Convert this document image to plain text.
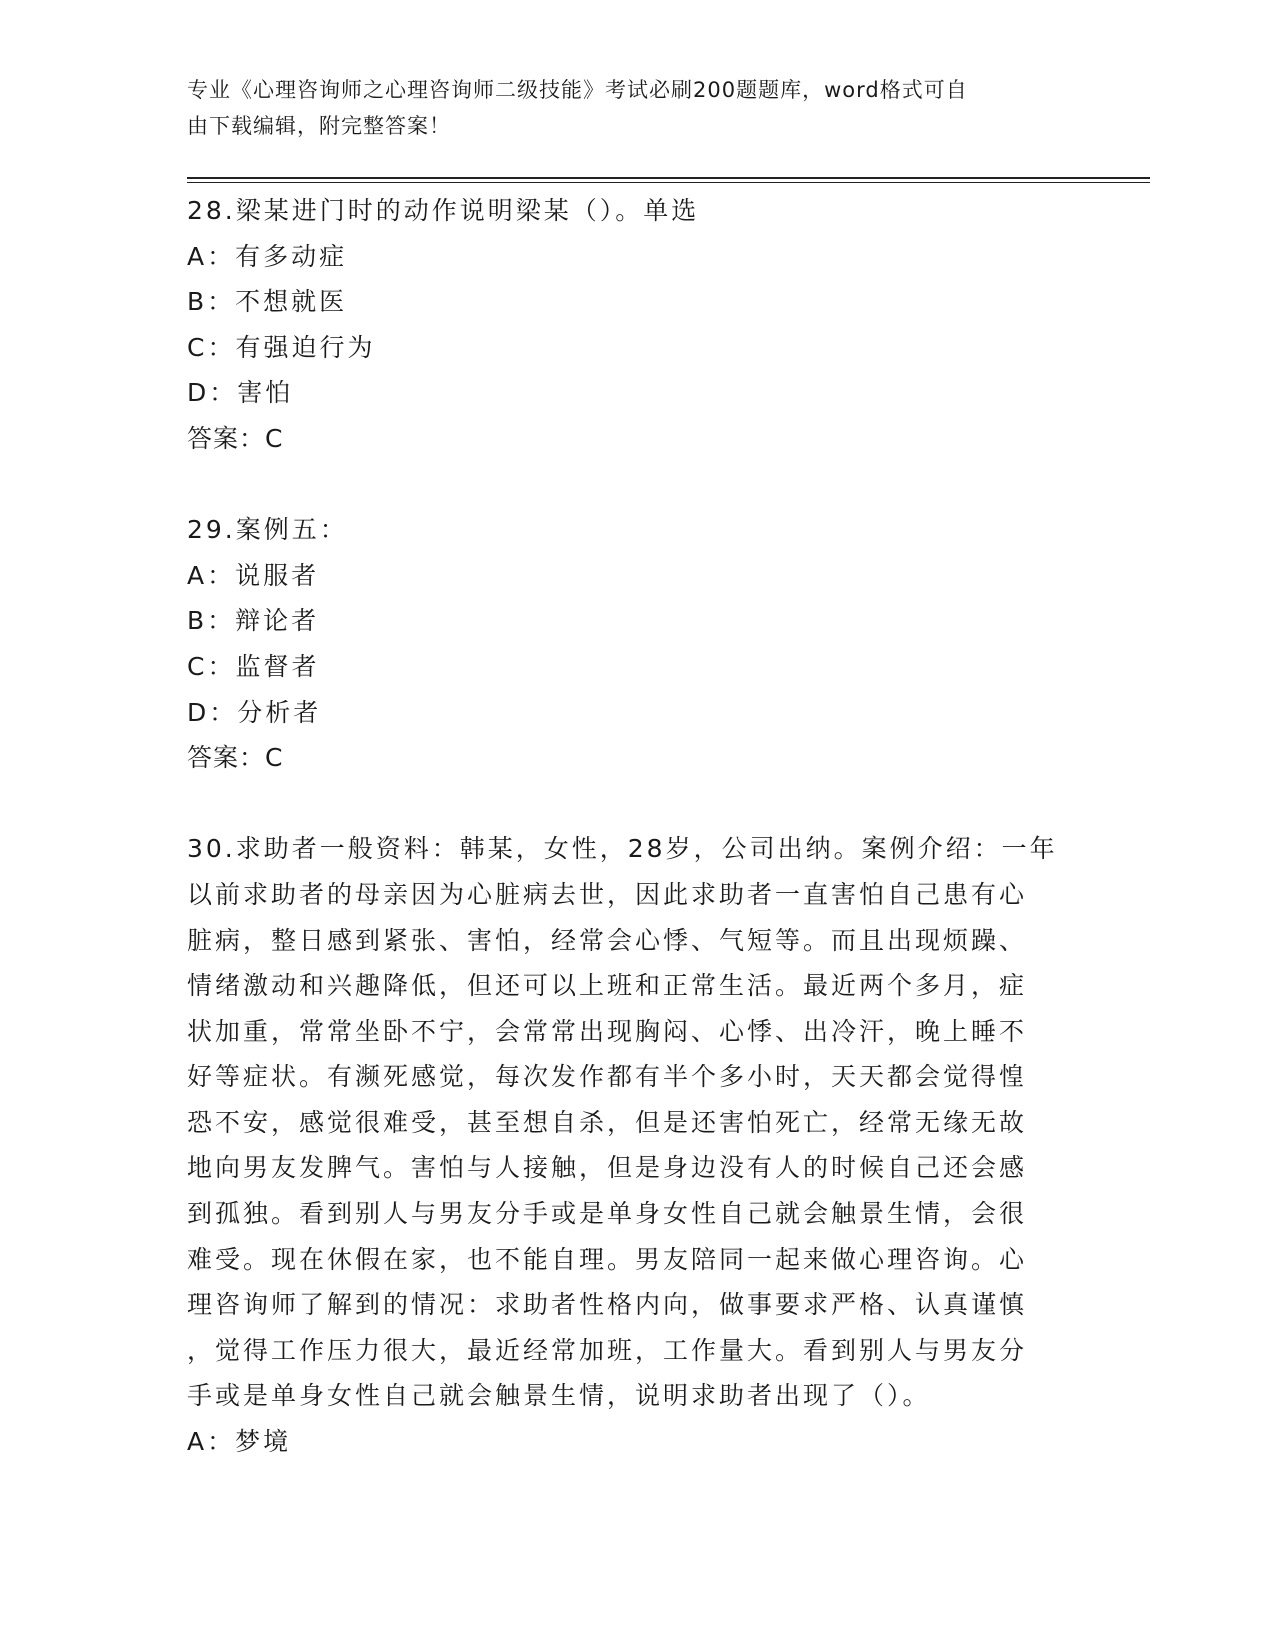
专业《心理咨询师之心理咨询师二级技能》考试必刷200题题库，word格式可自
由下载编辑，附完整答案！
28.梁某进门时的动作说明梁某（）。单选
A：有多动症
B：不想就医
C：有强迫行为
D：害怕
答案：C
29.案例五：
A：说服者
B：辩论者
C：监督者
D：分析者
答案：C
30.求助者一般资料：韩某，女性，28岁，公司出纳。案例介绍：一年
以前求助者的母亲因为心脏病去世，因此求助者一直害怕自己患有心
脏病，整日感到紧张、害怕，经常会心悸、气短等。而且出现烦躁、
情绪激动和兴趣降低，但还可以上班和正常生活。最近两个多月，症
状加重，常常坐卧不宁，会常常出现胸闷、心悸、出冷汗，晚上睡不
好等症状。有濒死感觉，每次发作都有半个多小时，天天都会觉得惶
恐不安，感觉很难受，甚至想自杀，但是还害怕死亡，经常无缘无故
地向男友发脾气。害怕与人接触，但是身边没有人的时候自己还会感
到孤独。看到别人与男友分手或是单身女性自己就会触景生情，会很
难受。现在休假在家，也不能自理。男友陪同一起来做心理咨询。心
理咨询师了解到的情况：求助者性格内向，做事要求严格、认真谨慎
，觉得工作压力很大，最近经常加班，工作量大。看到别人与男友分
手或是单身女性自己就会触景生情，说明求助者出现了（）。
A：梦境
